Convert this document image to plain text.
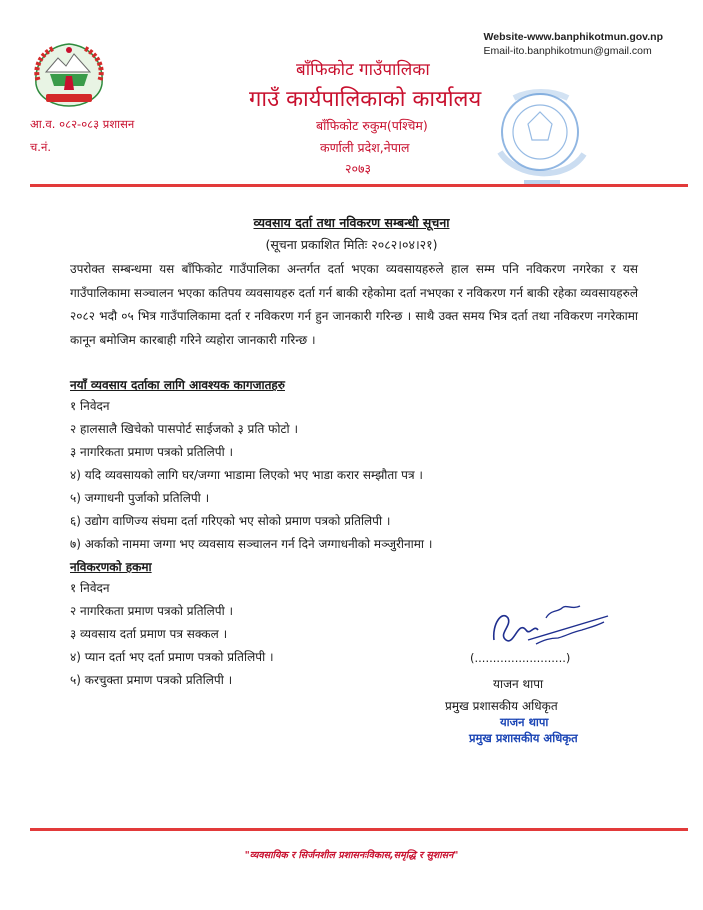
Website-www.banphikotmun.gov.np
Email-ito.banphikotmun@gmail.com
बाँफिकोट गाउँपालिका
गाउँ कार्यपालिकाको कार्यालय
बाँफिकोट रुकुम(पश्चिम)
कर्णाली प्रदेश,नेपाल
२०७३
आ.व. ०८२-०८३ प्रशासन
च.नं.
व्यवसाय दर्ता तथा नविकरण सम्बन्धी सूचना
(सूचना प्रकाशित मितिः २०८२।०४।२१)

उपरोक्त सम्बन्धमा यस बाँफिकोट गाउँपालिका अन्तर्गत दर्ता भएका व्यवसायहरुले हाल सम्म पनि नविकरण नगरेका र यस गाउँपालिकामा सञ्चालन भएका कतिपय व्यवसायहरु दर्ता गर्न बाकी रहेकोमा दर्ता नभएका र नविकरण गर्न बाकी रहेका व्यवसायहरुले २०८२ भदौ ०५ भित्र गाउँपालिकामा दर्ता र नविकरण गर्न हुन जानकारी गरिन्छ । साथै उक्त समय भित्र दर्ता तथा नविकरण नगरेकामा कानून बमोजिम कारबाही गरिने व्यहोरा जानकारी गरिन्छ ।

नयाँ व्यवसाय दर्ताका लागि आवश्यक कागजातहरु
१ निवेदन
२ हालसालै खिचेको पासपोर्ट साईजको ३ प्रति फोटो ।
३ नागरिकता प्रमाण पत्रको प्रतिलिपी ।
४) यदि व्यवसायको लागि घर/जग्गा भाडामा लिएको भए भाडा करार सम्झौता पत्र ।
५) जग्गाधनी पुर्जाको प्रतिलिपी ।
६) उद्योग वाणिज्य संघमा दर्ता गरिएको भए सोको प्रमाण पत्रको प्रतिलिपी ।
७) अर्काको नाममा जग्गा भए व्यवसाय सञ्चालन गर्न दिने जग्गाधनीको मञ्जुरीनामा ।
नविकरणको हकमा
१ निवेदन
२ नागरिकता प्रमाण पत्रको प्रतिलिपी ।
३ व्यवसाय दर्ता प्रमाण पत्र सक्कल ।
४) प्यान दर्ता भए दर्ता प्रमाण पत्रको प्रतिलिपी ।
५) करचुक्ता प्रमाण पत्रको प्रतिलिपी ।
(.........................)
याजन थापा
प्रमुख प्रशासकीय अधिकृत
याजन थापा
प्रमुख प्रशासकीय अधिकृत
"व्यवसायिक र सिर्जनशील प्रशासनःविकास,समृद्धि र सुशासन"
